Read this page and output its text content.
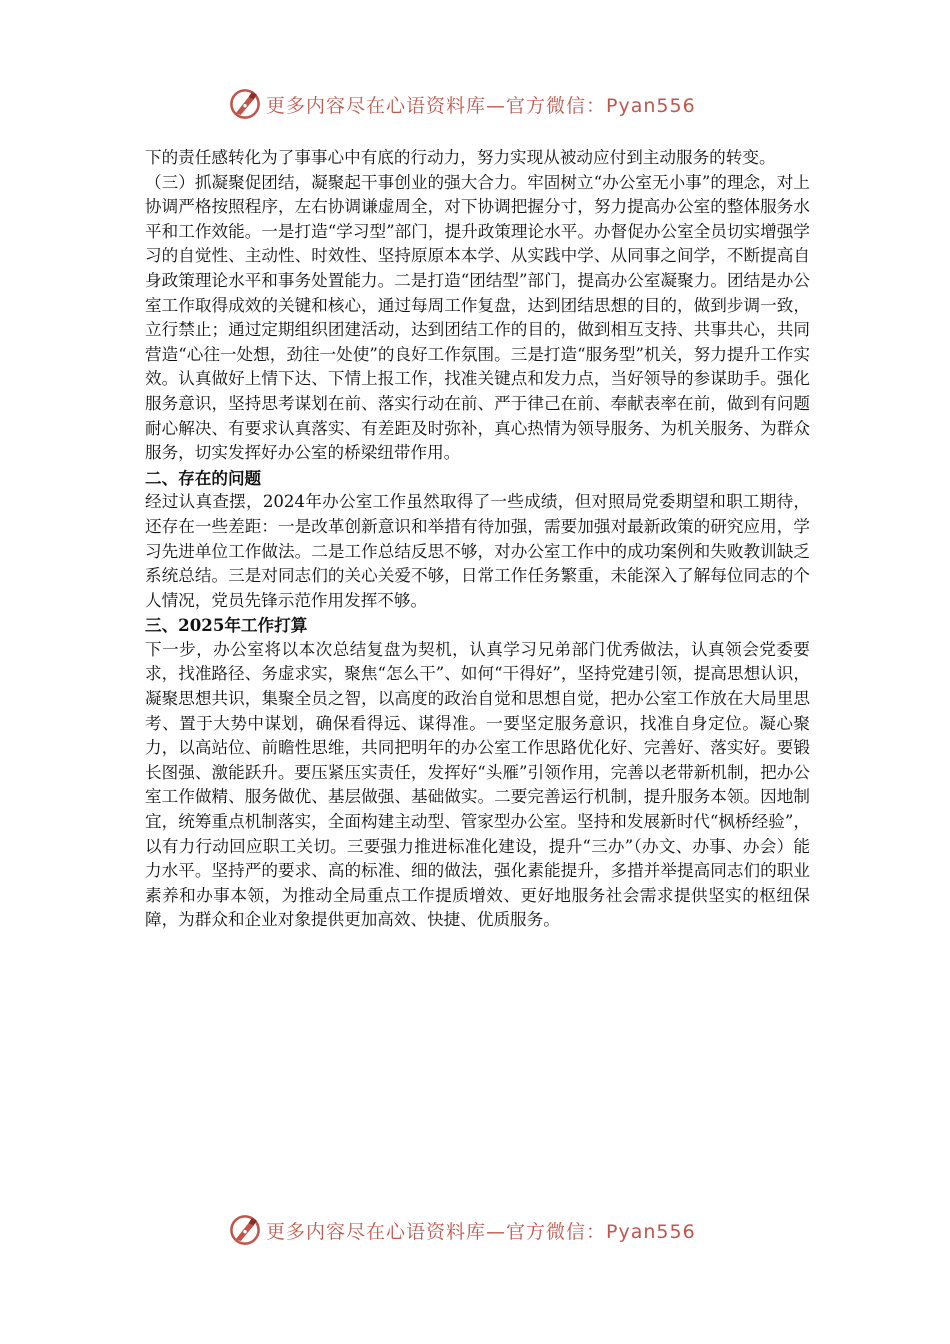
更多内容尽在心语资料库—官方微信：Pyan556

下的责任感转化为了事事心中有底的行动力，努力实现从被动应付到主动服务的转变。

（三）抓凝聚促团结，凝聚起干事创业的强大合力。牢固树立“办公室无小事”的理念，对上协调严格按照程序，左右协调谦虚周全，对下协调把握分寸，努力提高办公室的整体服务水平和工作效能。一是打造“学习型”部门，提升政策理论水平。办督促办公室全员切实增强学习的自觉性、主动性、时效性、坚持原原本本学、从实践中学、从同事之间学，不断提高自身政策理论水平和事务处置能力。二是打造“团结型”部门，提高办公室凝聚力。团结是办公室工作取得成效的关键和核心，通过每周工作复盘，达到团结思想的目的，做到步调一致，立行禁止；通过定期组织团建活动，达到团结工作的目的，做到相互支持、共事共心，共同营造“心往一处想，劲往一处使”的良好工作氛围。三是打造“服务型”机关，努力提升工作实效。认真做好上情下达、下情上报工作，找准关键点和发力点，当好领导的参谋助手。强化服务意识，坚持思考谋划在前、落实行动在前、严于律己在前、奉献表率在前，做到有问题耐心解决、有要求认真落实、有差距及时弥补，真心热情为领导服务、为机关服务、为群众服务，切实发挥好办公室的桥梁纽带作用。

二、存在的问题

经过认真查摆，2024年办公室工作虽然取得了一些成绩，但对照局党委期望和职工期待，还存在一些差距：一是改革创新意识和举措有待加强，需要加强对最新政策的研究应用，学习先进单位工作做法。二是工作总结反思不够，对办公室工作中的成功案例和失败教训缺乏系统总结。三是对同志们的关心关爱不够，日常工作任务繁重，未能深入了解每位同志的个人情况，党员先锋示范作用发挥不够。

三、2025年工作打算

下一步，办公室将以本次总结复盘为契机，认真学习兄弟部门优秀做法，认真领会党委要求，找准路径、务虚求实，聚焦“怎么干”、如何“干得好”，坚持党建引领，提高思想认识，凝聚思想共识，集聚全员之智，以高度的政治自觉和思想自觉，把办公室工作放在大局里思考、置于大势中谋划，确保看得远、谋得准。一要坚定服务意识，找准自身定位。凝心聚力，以高站位、前瞻性思维，共同把明年的办公室工作思路优化好、完善好、落实好。要锻长图强、激能跃升。要压紧压实责任，发挥好“头雁”引领作用，完善以老带新机制，把办公室工作做精、服务做优、基层做强、基础做实。二要完善运行机制，提升服务本领。因地制宜，统筹重点机制落实，全面构建主动型、管家型办公室。坚持和发展新时代“枫桥经验”，以有力行动回应职工关切。三要强力推进标准化建设，提升“三办”（办文、办事、办会）能力水平。坚持严的要求、高的标准、细的做法，强化素能提升，多措并举提高同志们的职业素养和办事本领，为推动全局重点工作提质增效、更好地服务社会需求提供坚实的枢纽保障，为群众和企业对象提供更加高效、快捷、优质服务。

更多内容尽在心语资料库—官方微信：Pyan556
